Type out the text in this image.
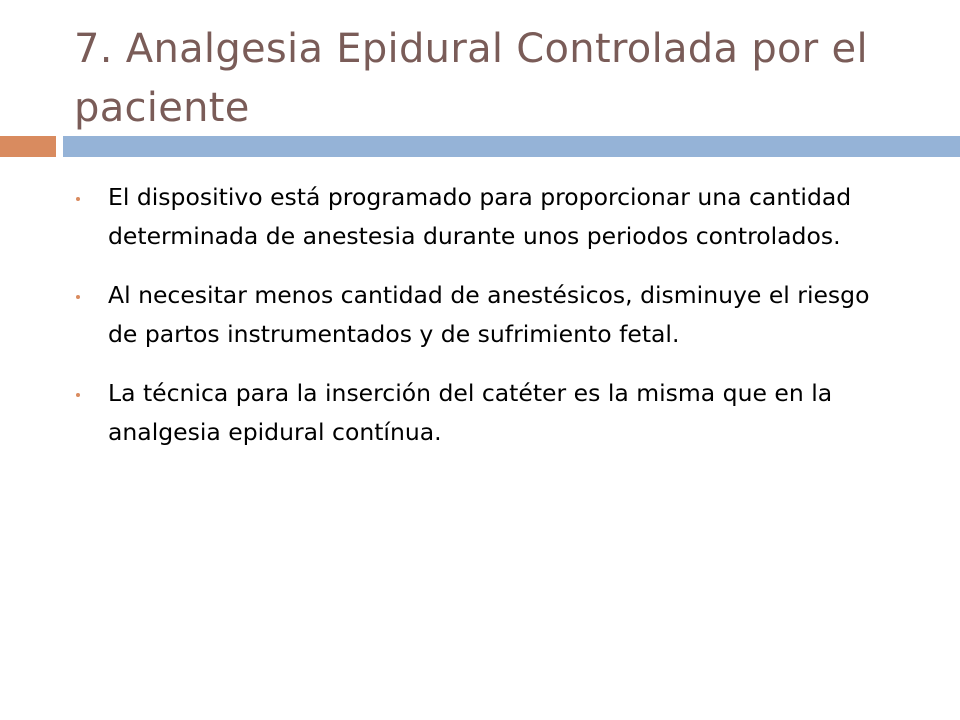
7. Analgesia Epidural Controlada por el paciente
El dispositivo está programado para proporcionar una cantidad determinada de anestesia durante unos periodos controlados.
Al necesitar menos cantidad de anestésicos, disminuye el riesgo de partos instrumentados y de sufrimiento fetal.
La técnica para la inserción del catéter es la misma que en la analgesia epidural contínua.
